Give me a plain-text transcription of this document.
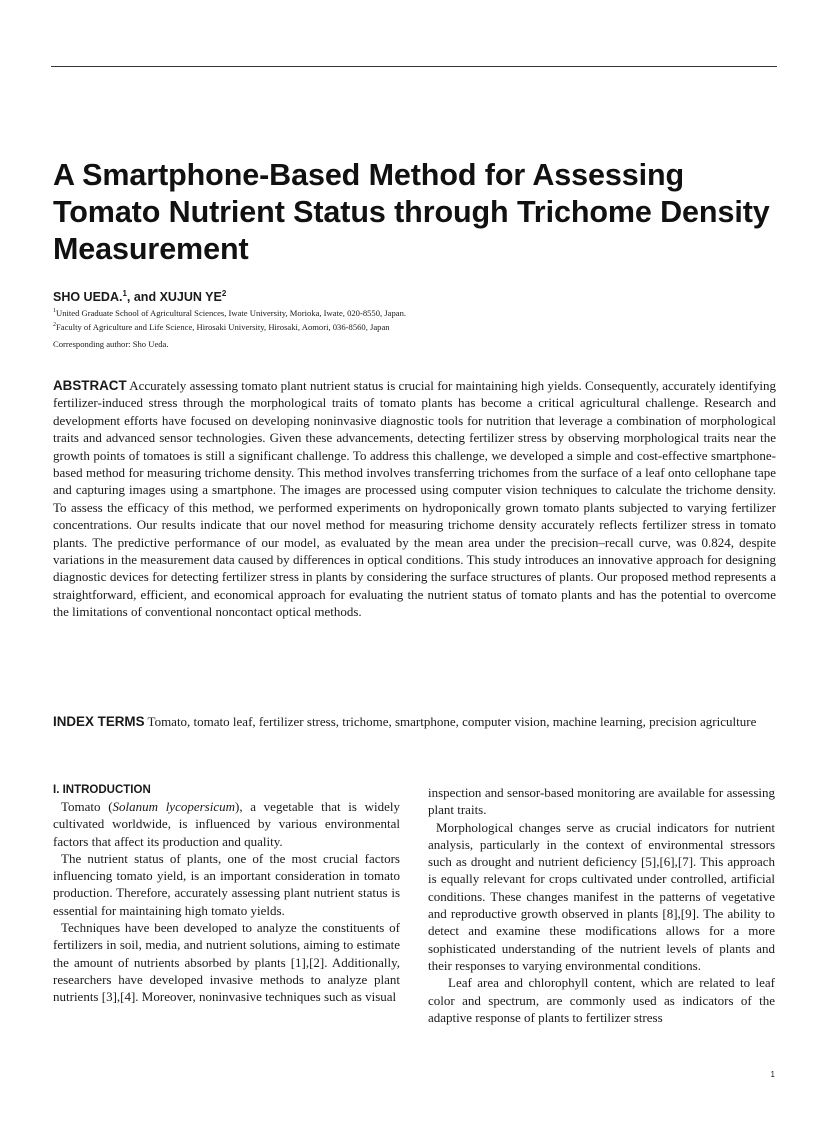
A Smartphone-Based Method for Assessing Tomato Nutrient Status through Trichome Density Measurement
SHO UEDA.$^1$, and XUJUN $YE^2$
$^1$United Graduate School of Agricultural Sciences, Iwate University, Morioka, Iwate, 020-8550, Japan.
$^2$Faculty of Agriculture and Life Science, Hirosaki University, Hirosaki, Aomori, 036-8560, Japan
Corresponding author: Sho Ueda.

ABSTRACT Accurately assessing tomato plant nutrient status is crucial for maintaining high yields. Consequently, accurately identifying fertilizer-induced stress through the morphological traits of tomato plants has become a critical agricultural challenge. Research and development efforts have focused on developing noninvasive diagnostic tools for nutrition that leverage a combination of morphological traits and advanced sensor technologies. Given these advancements, detecting fertilizer stress by observing morphological traits near the growth points of tomatoes is still a significant challenge. To address this challenge, we developed a simple and cost-effective smartphone-based method for measuring trichome density. This method involves transferring trichomes from the surface of a leaf onto cellophane tape and capturing images using a smartphone. The images are processed using computer vision techniques to calculate the trichome density. To assess the efficacy of this method, we performed experiments on hydroponically grown tomato plants subjected to varying fertilizer concentrations. Our results indicate that our novel method for measuring trichome density accurately reflects fertilizer stress in tomato plants. The predictive performance of our model, as evaluated by the mean area under the precision–recall curve, was 0.824, despite variations in the measurement data caused by differences in optical conditions. This study introduces an innovative approach for designing diagnostic devices for detecting fertilizer stress in plants by considering the surface structures of plants. Our proposed method represents a straightforward, efficient, and economical approach for evaluating the nutrient status of tomato plants and has the potential to overcome the limitations of conventional noncontact optical methods.

INDEX TERMS Tomato, tomato leaf, fertilizer stress, trichome, smartphone, computer vision, machine learning, precision agriculture

I. INTRODUCTION

Tomato (Solanum lycopersicum), a vegetable that is widely cultivated worldwide, is influenced by various environmental factors that affect its production and quality.

The nutrient status of plants, one of the most crucial factors influencing tomato yield, is an important consideration in tomato production. Therefore, accurately assessing plant nutrient status is essential for maintaining high tomato yields.

Techniques have been developed to analyze the constituents of fertilizers in soil, media, and nutrient solutions, aiming to estimate the amount of nutrients absorbed by plants [1],[2]. Additionally, researchers have developed invasive methods to analyze plant nutrients [3],[4]. Moreover, noninvasive techniques such as visual

inspection and sensor-based monitoring are available for assessing plant traits.

Morphological changes serve as crucial indicators for nutrient analysis, particularly in the context of environmental stressors such as drought and nutrient deficiency [5],[6],[7]. This approach is equally relevant for crops cultivated under controlled, artificial conditions. These changes manifest in the patterns of vegetative and reproductive growth observed in plants [8],[9]. The ability to detect and examine these modifications allows for a more sophisticated understanding of the nutrient levels of plants and their responses to varying environmental conditions.

Leaf area and chlorophyll content, which are related to leaf color and spectrum, are commonly used as indicators of the adaptive response of plants to fertilizer stress

1
